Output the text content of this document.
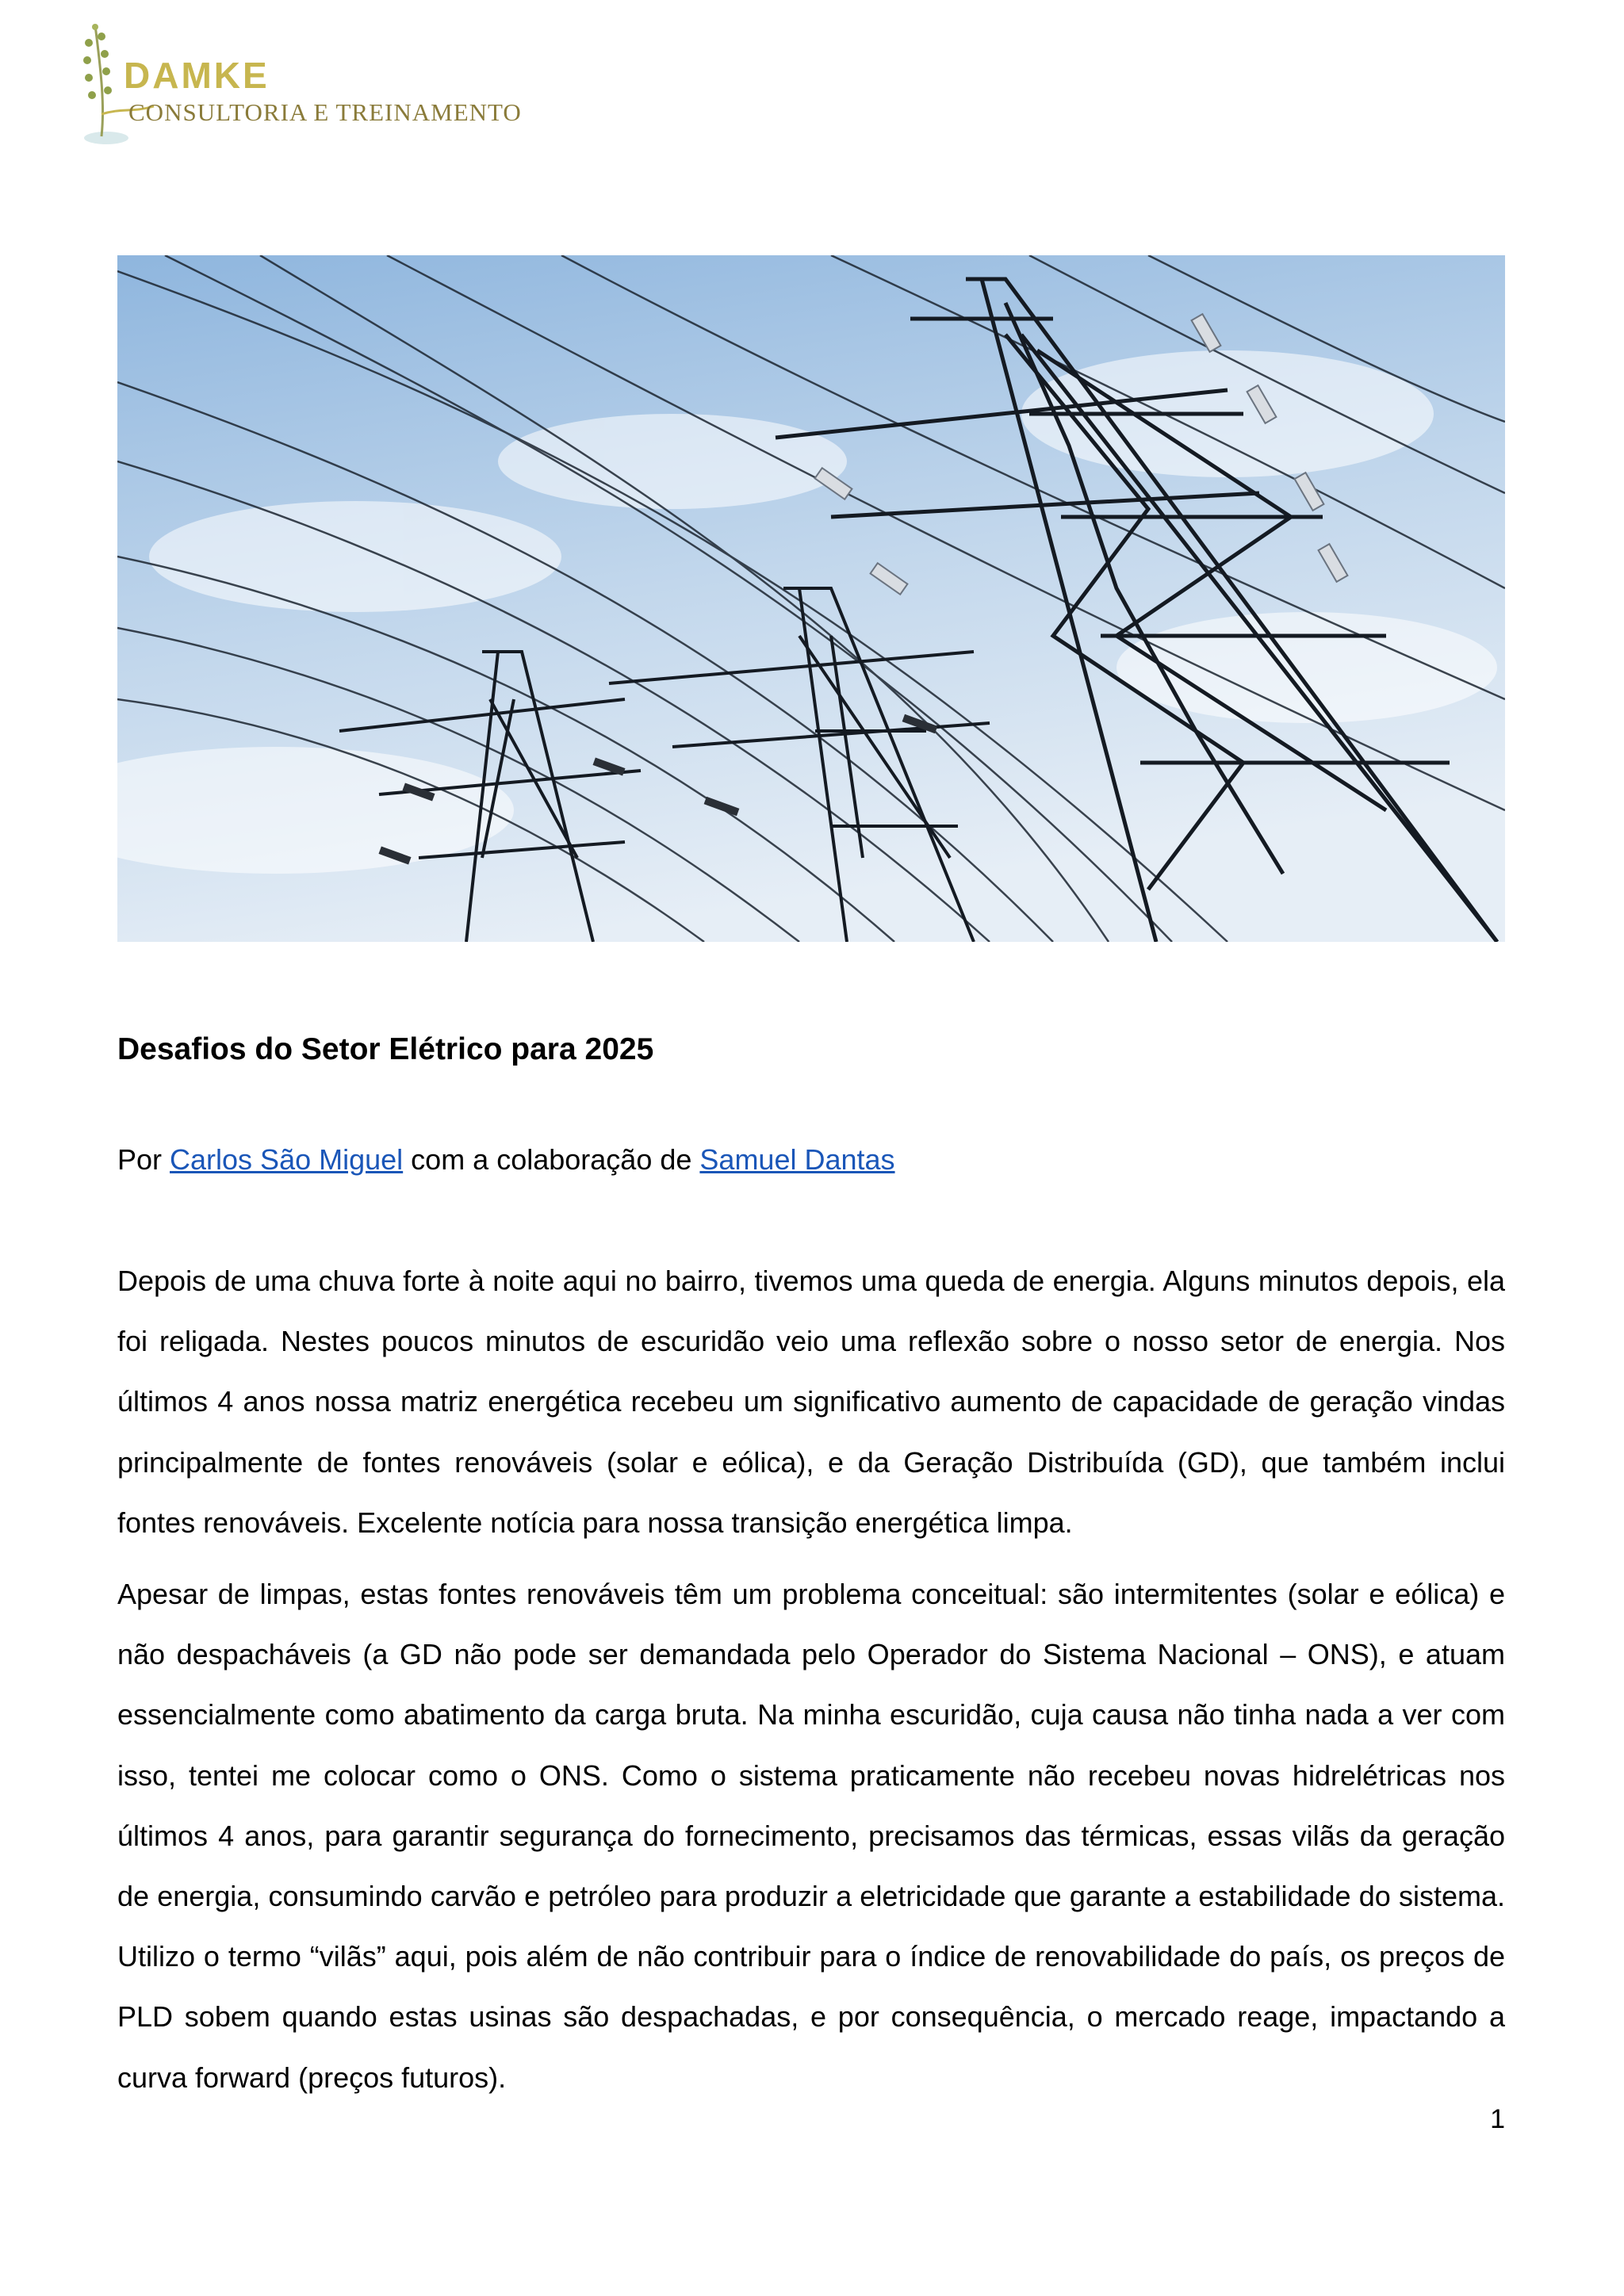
DAMKE
CONSULTORIA E TREINAMENTO
Desafios do Setor Elétrico para 2025
Por Carlos São Miguel com a colaboração de Samuel Dantas

Depois de uma chuva forte à noite aqui no bairro, tivemos uma queda de energia. Alguns minutos depois, ela foi religada. Nestes poucos minutos de escuridão veio uma reflexão sobre o nosso setor de energia. Nos últimos 4 anos nossa matriz energética recebeu um significativo aumento de capacidade de geração vindas principalmente de fontes renováveis (solar e eólica), e da Geração Distribuída (GD), que também inclui fontes renováveis. Excelente notícia para nossa transição energética limpa.

Apesar de limpas, estas fontes renováveis têm um problema conceitual: são intermitentes (solar e eólica) e não despacháveis (a GD não pode ser demandada pelo Operador do Sistema Nacional – ONS), e atuam essencialmente como abatimento da carga bruta. Na minha escuridão, cuja causa não tinha nada a ver com isso, tentei me colocar como o ONS. Como o sistema praticamente não recebeu novas hidrelétricas nos últimos 4 anos, para garantir segurança do fornecimento, precisamos das térmicas, essas vilãs da geração de energia, consumindo carvão e petróleo para produzir a eletricidade que garante a estabilidade do sistema. Utilizo o termo “vilãs” aqui, pois além de não contribuir para o índice de renovabilidade do país, os preços de PLD sobem quando estas usinas são despachadas, e por consequência, o mercado reage, impactando a curva forward (preços futuros).

1
